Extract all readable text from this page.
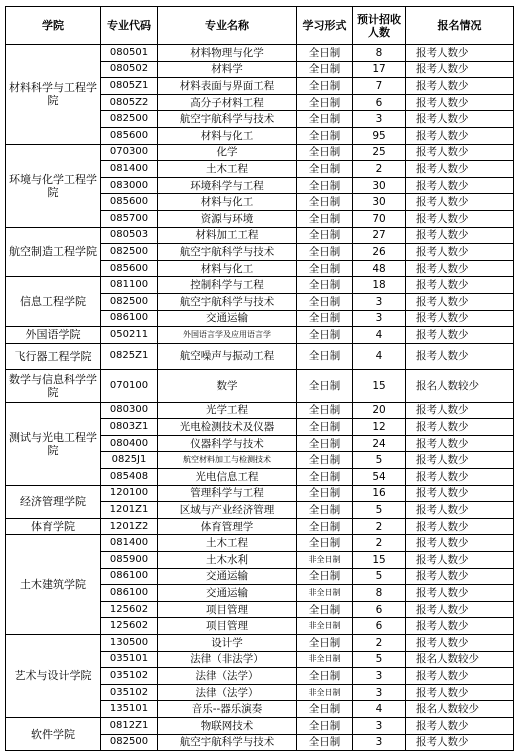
学院	专业代码	专业名称	学习形式	预计招收人数	报名情况
材料科学与工程学院	080501	材料物理与化学	全日制	8	报考人数少
	080502	材料学	全日制	17	报考人数少
	0805Z1	材料表面与界面工程	全日制	7	报考人数少
	0805Z2	高分子材料工程	全日制	6	报考人数少
	082500	航空宇航科学与技术	全日制	3	报考人数少
	085600	材料与化工	全日制	95	报考人数少
环境与化学工程学院	070300	化学	全日制	25	报考人数少
	081400	土木工程	全日制	2	报考人数少
	083000	环境科学与工程	全日制	30	报考人数少
	085600	材料与化工	全日制	30	报考人数少
	085700	资源与环境	全日制	70	报考人数少
航空制造工程学院	080503	材料加工工程	全日制	27	报考人数少
	082500	航空宇航科学与技术	全日制	26	报考人数少
	085600	材料与化工	全日制	48	报考人数少
信息工程学院	081100	控制科学与工程	全日制	18	报考人数少
	082500	航空宇航科学与技术	全日制	3	报考人数少
	086100	交通运输	全日制	3	报考人数少
外国语学院	050211	外国语言学及应用语言学	全日制	4	报考人数少
飞行器工程学院	0825Z1	航空噪声与振动工程	全日制	4	报考人数少
数学与信息科学学院	070100	数学	全日制	15	报名人数较少
测试与光电工程学院	080300	光学工程	全日制	20	报考人数少
	0803Z1	光电检测技术及仪器	全日制	12	报考人数少
	080400	仪器科学与技术	全日制	24	报考人数少
	0825J1	航空材料加工与检测技术	全日制	5	报考人数少
	085408	光电信息工程	全日制	54	报考人数少
经济管理学院	120100	管理科学与工程	全日制	16	报考人数少
	1201Z1	区域与产业经济管理	全日制	5	报考人数少
体育学院	1201Z2	体育管理学	全日制	2	报考人数少
土木建筑学院	081400	土木工程	全日制	2	报考人数少
	085900	土木水利	非全日制	15	报考人数少
	086100	交通运输	全日制	5	报考人数少
	086100	交通运输	非全日制	8	报考人数少
	125602	项目管理	全日制	6	报考人数少
	125602	项目管理	非全日制	6	报考人数少
艺术与设计学院	130500	设计学	全日制	2	报考人数少
	035101	法律（非法学）	非全日制	5	报名人数较少
	035102	法律（法学）	全日制	3	报考人数少
	035102	法律（法学）	非全日制	3	报考人数少
	135101	音乐--器乐演奏	全日制	4	报名人数较少
软件学院	0812Z1	物联网技术	全日制	3	报考人数少
	082500	航空宇航科学与技术	全日制	3	报考人数少
